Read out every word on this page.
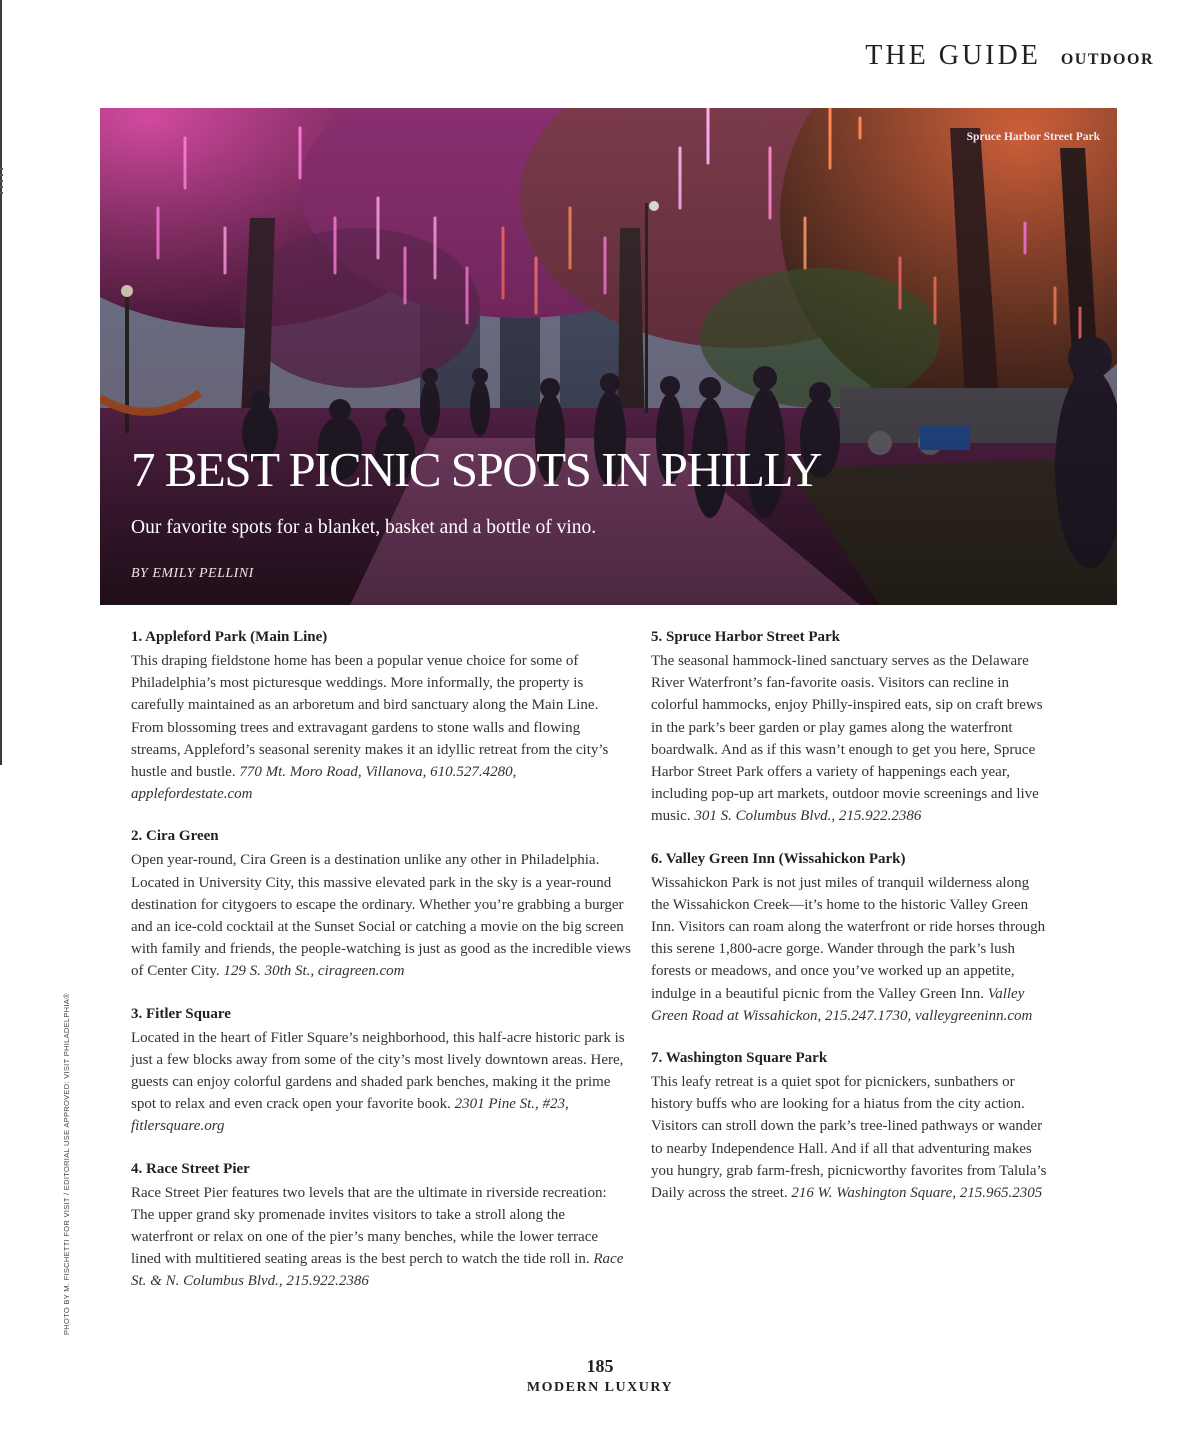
THE GUIDE OUTDOOR
Spruce Harbor Street Park
7 BEST PICNIC SPOTS IN PHILLY
Our favorite spots for a blanket, basket and a bottle of vino.
BY EMILY PELLINI
1. Appleford Park (Main Line)

This draping fieldstone home has been a popular venue choice for some of Philadelphia’s most picturesque weddings. More informally, the property is carefully maintained as an arboretum and bird sanctuary along the Main Line. From blossoming trees and extravagant gardens to stone walls and flowing streams, Appleford’s seasonal serenity makes it an idyllic retreat from the city’s hustle and bustle. 770 Mt. Moro Road, Villanova, 610.527.4280, applefordestate.com

2. Cira Green

Open year-round, Cira Green is a destination unlike any other in Philadelphia. Located in University City, this massive elevated park in the sky is a year-round destination for citygoers to escape the ordinary. Whether you’re grabbing a burger and an ice-cold cocktail at the Sunset Social or catching a movie on the big screen with family and friends, the people-watching is just as good as the incredible views of Center City. 129 S. 30th St., ciragreen.com

3. Fitler Square

Located in the heart of Fitler Square’s neighborhood, this half-acre historic park is just a few blocks away from some of the city’s most lively downtown areas. Here, guests can enjoy colorful gardens and shaded park benches, making it the prime spot to relax and even crack open your favorite book. 2301 Pine St., #23, fitlersquare.org

4. Race Street Pier

Race Street Pier features two levels that are the ultimate in riverside recreation: The upper grand sky promenade invites visitors to take a stroll along the waterfront or relax on one of the pier’s many benches, while the lower terrace lined with multitiered seating areas is the best perch to watch the tide roll in. Race St. & N. Columbus Blvd., 215.922.2386

5. Spruce Harbor Street Park

The seasonal hammock-lined sanctuary serves as the Delaware River Waterfront’s fan-favorite oasis. Visitors can recline in colorful hammocks, enjoy Philly-inspired eats, sip on craft brews in the park’s beer garden or play games along the waterfront boardwalk. And as if this wasn’t enough to get you here, Spruce Harbor Street Park offers a variety of happenings each year, including pop-up art markets, outdoor movie screenings and live music. 301 S. Columbus Blvd., 215.922.2386

6. Valley Green Inn (Wissahickon Park)

Wissahickon Park is not just miles of tranquil wilderness along the Wissahickon Creek—it’s home to the historic Valley Green Inn. Visitors can roam along the waterfront or ride horses through this serene 1,800-acre gorge. Wander through the park’s lush forests or meadows, and once you’ve worked up an appetite, indulge in a beautiful picnic from the Valley Green Inn. Valley Green Road at Wissahickon, 215.247.1730, valleygreeninn.com

7. Washington Square Park

This leafy retreat is a quiet spot for picnickers, sunbathers or history buffs who are looking for a hiatus from the city action. Visitors can stroll down the park’s tree-lined pathways or wander to nearby Independence Hall. And if all that adventuring makes you hungry, grab farm-fresh, picnicworthy favorites from Talula’s Daily across the street. 216 W. Washington Square, 215.965.2305

PHOTO BY M. FISCHETTI FOR VISIT / EDITORIAL USE APPROVED: VISIT PHILADELPHIA®
185
MODERN LUXURY
